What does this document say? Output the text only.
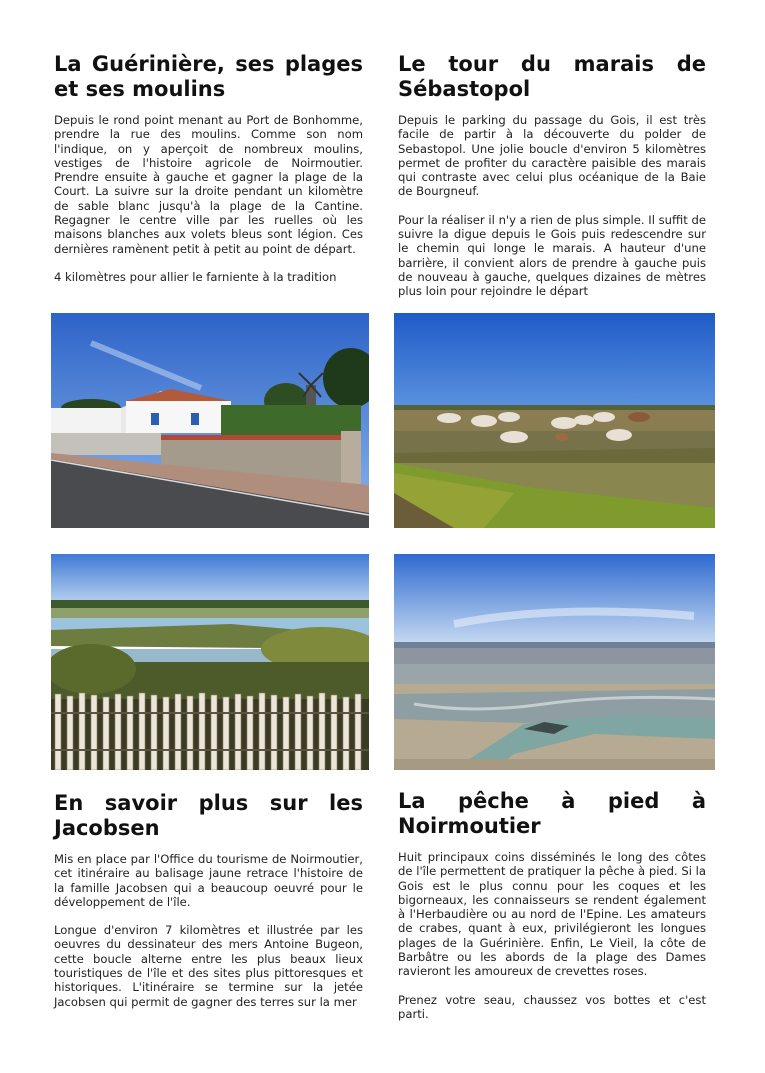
La Guérinière, ses plages et ses moulins

Depuis le rond point menant au Port de Bonhomme, prendre la rue des moulins. Comme son nom l'indique, on y aperçoit de nombreux moulins, vestiges de l'histoire agricole de Noirmoutier. Prendre ensuite à gauche et gagner la plage de la Court. La suivre sur la droite pendant un kilomètre de sable blanc jusqu'à la plage de la Cantine. Regagner le centre ville par les ruelles où les maisons blanches aux volets bleus sont légion. Ces dernières ramènent petit à petit au point de départ.

4 kilomètres pour allier le farniente à la tradition

Le tour du marais de Sébastopol

Depuis le parking du passage du Gois, il est très facile de partir à la découverte du polder de Sebastopol. Une jolie boucle d'environ 5 kilomètres permet de profiter du caractère paisible des marais qui contraste avec celui plus océanique de la Baie de Bourgneuf.

Pour la réaliser il n'y a rien de plus simple. Il suffit de suivre la digue depuis le Gois puis redescendre sur le chemin qui longe le marais. A hauteur d'une barrière, il convient alors de prendre à gauche puis de nouveau à gauche, quelques dizaines de mètres plus loin pour rejoindre le départ

En savoir plus sur les Jacobsen

Mis en place par l'Office du tourisme de Noirmoutier, cet itinéraire au balisage jaune retrace l'histoire de la famille Jacobsen qui a beaucoup oeuvré pour le développement de l'île.

Longue d'environ 7 kilomètres et illustrée par les oeuvres du dessinateur des mers Antoine Bugeon, cette boucle alterne entre les plus beaux lieux touristiques de l'île et des sites plus pittoresques et historiques. L'itinéraire se termine sur la jetée Jacobsen qui permit de gagner des terres sur la mer

La pêche à pied à Noirmoutier

Huit principaux coins disséminés le long des côtes de l'île permettent de pratiquer la pêche à pied. Si la Gois est le plus connu pour les coques et les bigorneaux, les connaisseurs se rendent également à l'Herbaudière ou au nord de l'Epine. Les amateurs de crabes, quant à eux, privilégieront les longues plages de la Guérinière. Enfin, Le Vieil, la côte de Barbâtre ou les abords de la plage des Dames ravieront les amoureux de crevettes roses.

Prenez votre seau, chaussez vos bottes et c'est parti.
